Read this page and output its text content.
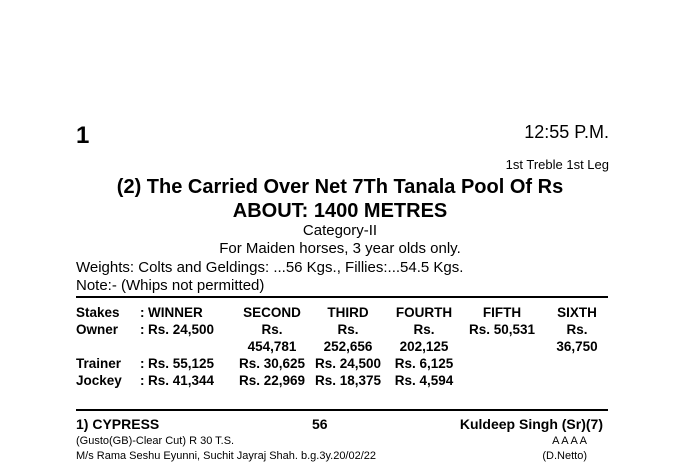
1	12:55 P.M.
1st Treble 1st Leg
(2) The Carried Over Net 7Th Tanala Pool Of Rs
ABOUT: 1400 METRES
Category-II
For Maiden horses, 3 year olds only.
Weights: Colts and Geldings: ...56 Kgs., Fillies:...54.5 Kgs.
Note:- (Whips not permitted)
Stakes	:	WINNER	SECOND	THIRD	FOURTH	FIFTH	SIXTH
Owner	:	Rs. 24,500	Rs.	Rs.	Rs.	Rs. 50,531	Rs.
			454,781	252,656	202,125		36,750
Trainer	:	Rs. 55,125	Rs. 30,625	Rs. 24,500	Rs. 6,125		
Jockey	:	Rs. 41,344	Rs. 22,969	Rs. 18,375	Rs. 4,594		
1) CYPRESS	56	Kuldeep Singh (Sr)(7)
(Gusto(GB)-Clear Cut) R 30 T.S.	A A A A
M/s Rama Seshu Eyunni, Suchit Jayraj Shah. b.g.3y.20/02/22	(D.Netto)
